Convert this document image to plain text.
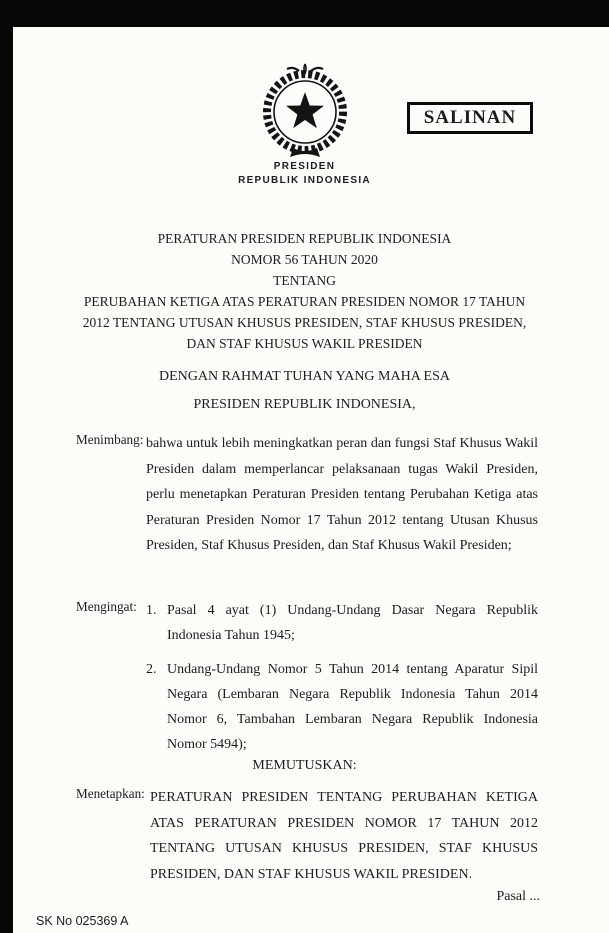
SALINAN
PRESIDEN
REPUBLIK INDONESIA
PERATURAN PRESIDEN REPUBLIK INDONESIA
NOMOR 56 TAHUN 2020
TENTANG
PERUBAHAN KETIGA ATAS PERATURAN PRESIDEN NOMOR 17 TAHUN
2012 TENTANG UTUSAN KHUSUS PRESIDEN, STAF KHUSUS PRESIDEN,
DAN STAF KHUSUS WAKIL PRESIDEN
DENGAN RAHMAT TUHAN YANG MAHA ESA
PRESIDEN REPUBLIK INDONESIA,
Menimbang: bahwa untuk lebih meningkatkan peran dan fungsi Staf Khusus Wakil Presiden dalam memperlancar pelaksanaan tugas Wakil Presiden, perlu menetapkan Peraturan Presiden tentang Perubahan Ketiga atas Peraturan Presiden Nomor 17 Tahun 2012 tentang Utusan Khusus Presiden, Staf Khusus Presiden, dan Staf Khusus Wakil Presiden;
Mengingat: 1. Pasal 4 ayat (1) Undang-Undang Dasar Negara Republik Indonesia Tahun 1945;
2. Undang-Undang Nomor 5 Tahun 2014 tentang Aparatur Sipil Negara (Lembaran Negara Republik Indonesia Tahun 2014 Nomor 6, Tambahan Lembaran Negara Republik Indonesia Nomor 5494);
MEMUTUSKAN:
Menetapkan: PERATURAN PRESIDEN TENTANG PERUBAHAN KETIGA ATAS PERATURAN PRESIDEN NOMOR 17 TAHUN 2012 TENTANG UTUSAN KHUSUS PRESIDEN, STAF KHUSUS PRESIDEN, DAN STAF KHUSUS WAKIL PRESIDEN.
Pasal ...
SK No 025369 A
